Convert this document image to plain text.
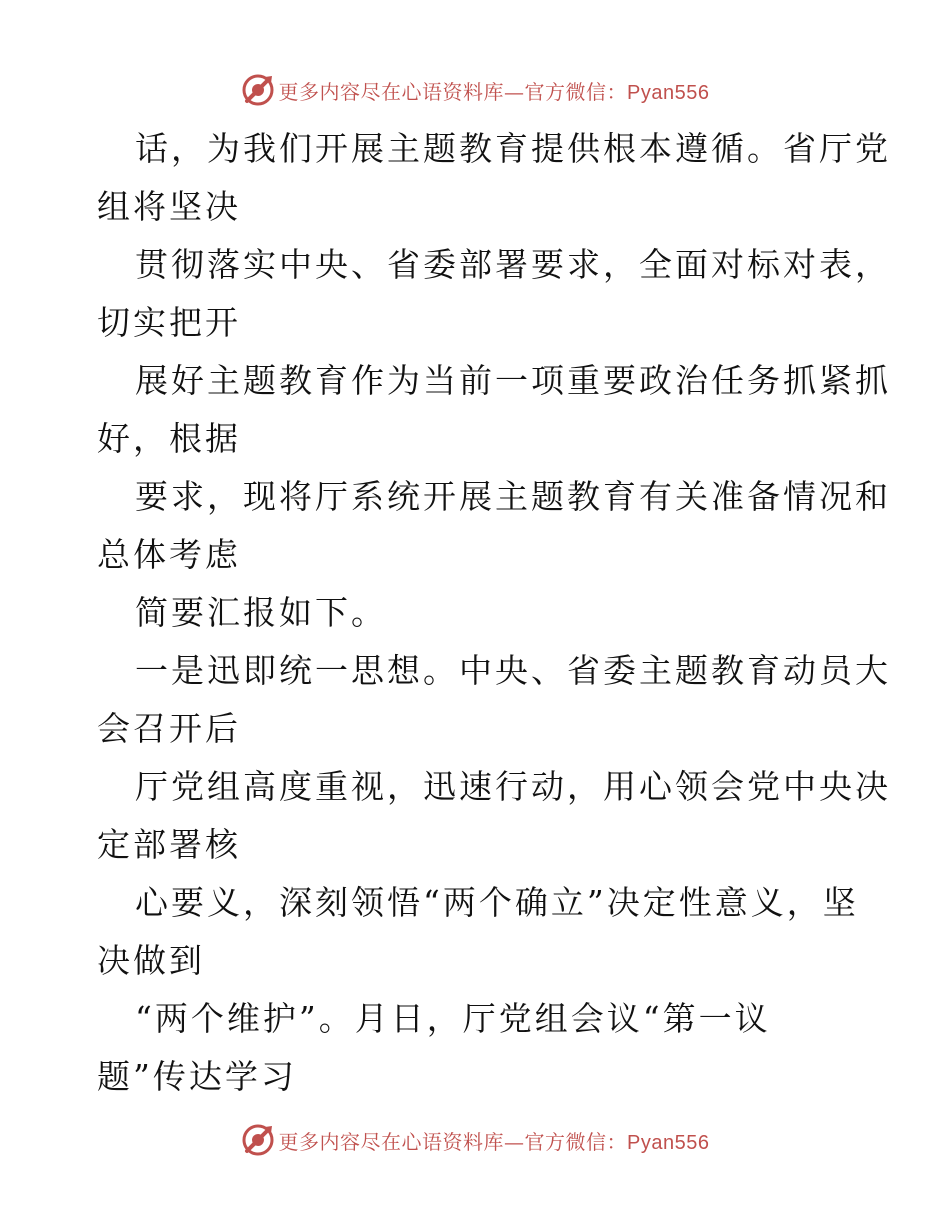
更多内容尽在心语资料库—官方微信：Pyan556
话，为我们开展主题教育提供根本遵循。省厅党
组将坚决
贯彻落实中央、省委部署要求，全面对标对表，
切实把开
展好主题教育作为当前一项重要政治任务抓紧抓
好，根据
要求，现将厅系统开展主题教育有关准备情况和
总体考虑
简要汇报如下。
一是迅即统一思想。中央、省委主题教育动员大
会召开后
厅党组高度重视，迅速行动，用心领会党中央决
定部署核
心要义，深刻领悟“两个确立”决定性意义，坚
决做到
“两个维护”。月日，厅党组会议“第一议
题”传达学习
更多内容尽在心语资料库—官方微信：Pyan556
